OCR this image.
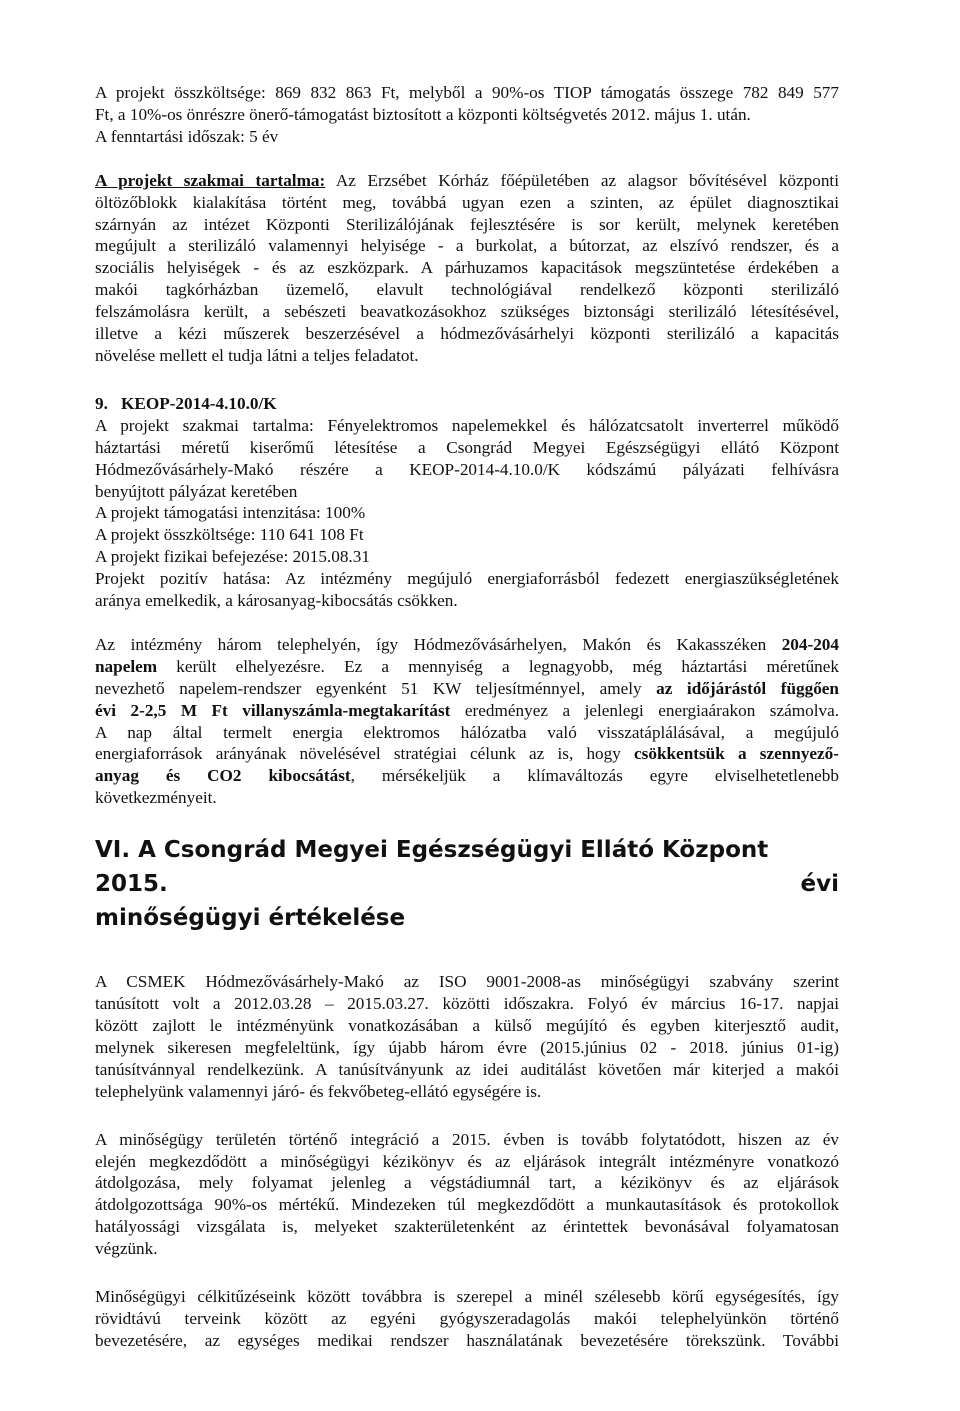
A projekt összköltsége: 869 832 863 Ft, melyből a 90%-os TIOP támogatás összege 782 849 577
Ft, a 10%-os önrészre önerő-támogatást biztosított a központi költségvetés 2012. május 1. után.
A fenntartási időszak: 5 év

A projekt szakmai tartalma: Az Erzsébet Kórház főépületében az alagsor bővítésével központi
öltözőblokk kialakítása történt meg, továbbá ugyan ezen a szinten, az épület diagnosztikai
szárnyán az intézet Központi Sterilizálójának fejlesztésére is sor került, melynek keretében
megújult a sterilizáló valamennyi helyisége - a burkolat, a bútorzat, az elszívó rendszer, és a
szociális helyiségek - és az eszközpark. A párhuzamos kapacitások megszüntetése érdekében a
makói tagkórházban üzemelő, elavult technológiával rendelkező központi sterilizáló
felszámolásra került, a sebészeti beavatkozásokhoz szükséges biztonsági sterilizáló létesítésével,
illetve a kézi műszerek beszerzésével a hódmezővásárhelyi központi sterilizáló a kapacitás
növelése mellett el tudja látni a teljes feladatot.

9. KEOP-2014-4.10.0/K

A projekt szakmai tartalma: Fényelektromos napelemekkel és hálózatcsatolt inverterrel működő
háztartási méretű kiserőmű létesítése a Csongrád Megyei Egészségügyi ellátó Központ
Hódmezővásárhely-Makó részére a KEOP-2014-4.10.0/K kódszámú pályázati felhívásra
benyújtott pályázat keretében
A projekt támogatási intenzitása: 100%
A projekt összköltsége: 110 641 108 Ft
A projekt fizikai befejezése: 2015.08.31
Projekt pozitív hatása: Az intézmény megújuló energiaforrásból fedezett energiaszükségletének
aránya emelkedik, a károsanyag-kibocsátás csökken.

Az intézmény három telephelyén, így Hódmezővásárhelyen, Makón és Kakasszéken 204-204
napelem került elhelyezésre. Ez a mennyiség a legnagyobb, még háztartási méretűnek
nevezhető napelem-rendszer egyenként 51 KW teljesítménnyel, amely az időjárástól függően
évi 2-2,5 M Ft villanyszámla-megtakarítást eredményez a jelenlegi energiaárakon számolva.
A nap által termelt energia elektromos hálózatba való visszatáplálásával, a megújuló
energiaforrások arányának növelésével stratégiai célunk az is, hogy csökkentsük a szennyező-
anyag és CO2 kibocsátást, mérsékeljük a klímaváltozás egyre elviselhetetlenebb
következményeit.

VI. A Csongrád Megyei Egészségügyi Ellátó Központ 2015. évi
minőségügyi értékelése

A CSMEK Hódmezővásárhely-Makó az ISO 9001-2008-as minőségügyi szabvány szerint
tanúsított volt a 2012.03.28 – 2015.03.27. közötti időszakra. Folyó év március 16-17. napjai
között zajlott le intézményünk vonatkozásában a külső megújító és egyben kiterjesztő audit,
melynek sikeresen megfeleltünk, így újabb három évre (2015.június 02 - 2018. június 01-ig)
tanúsítvánnyal rendelkezünk. A tanúsítványunk az idei auditálást követően már kiterjed a makói
telephelyünk valamennyi járó- és fekvőbeteg-ellátó egységére is.

A minőségügy területén történő integráció a 2015. évben is tovább folytatódott, hiszen az év
elején megkezdődött a minőségügyi kézikönyv és az eljárások integrált intézményre vonatkozó
átdolgozása, mely folyamat jelenleg a végstádiumnál tart, a kézikönyv és az eljárások
átdolgozottsága 90%-os mértékű. Mindezeken túl megkezdődött a munkautasítások és protokollok
hatályossági vizsgálata is, melyeket szakterületenként az érintettek bevonásával folyamatosan
végzünk.

Minőségügyi célkitűzéseink között továbbra is szerepel a minél szélesebb körű egységesítés, így
rövidtávú terveink között az egyéni gyógyszeradagolás makói telephelyünkön történő
bevezetésére, az egységes medikai rendszer használatának bevezetésére törekszünk. További
